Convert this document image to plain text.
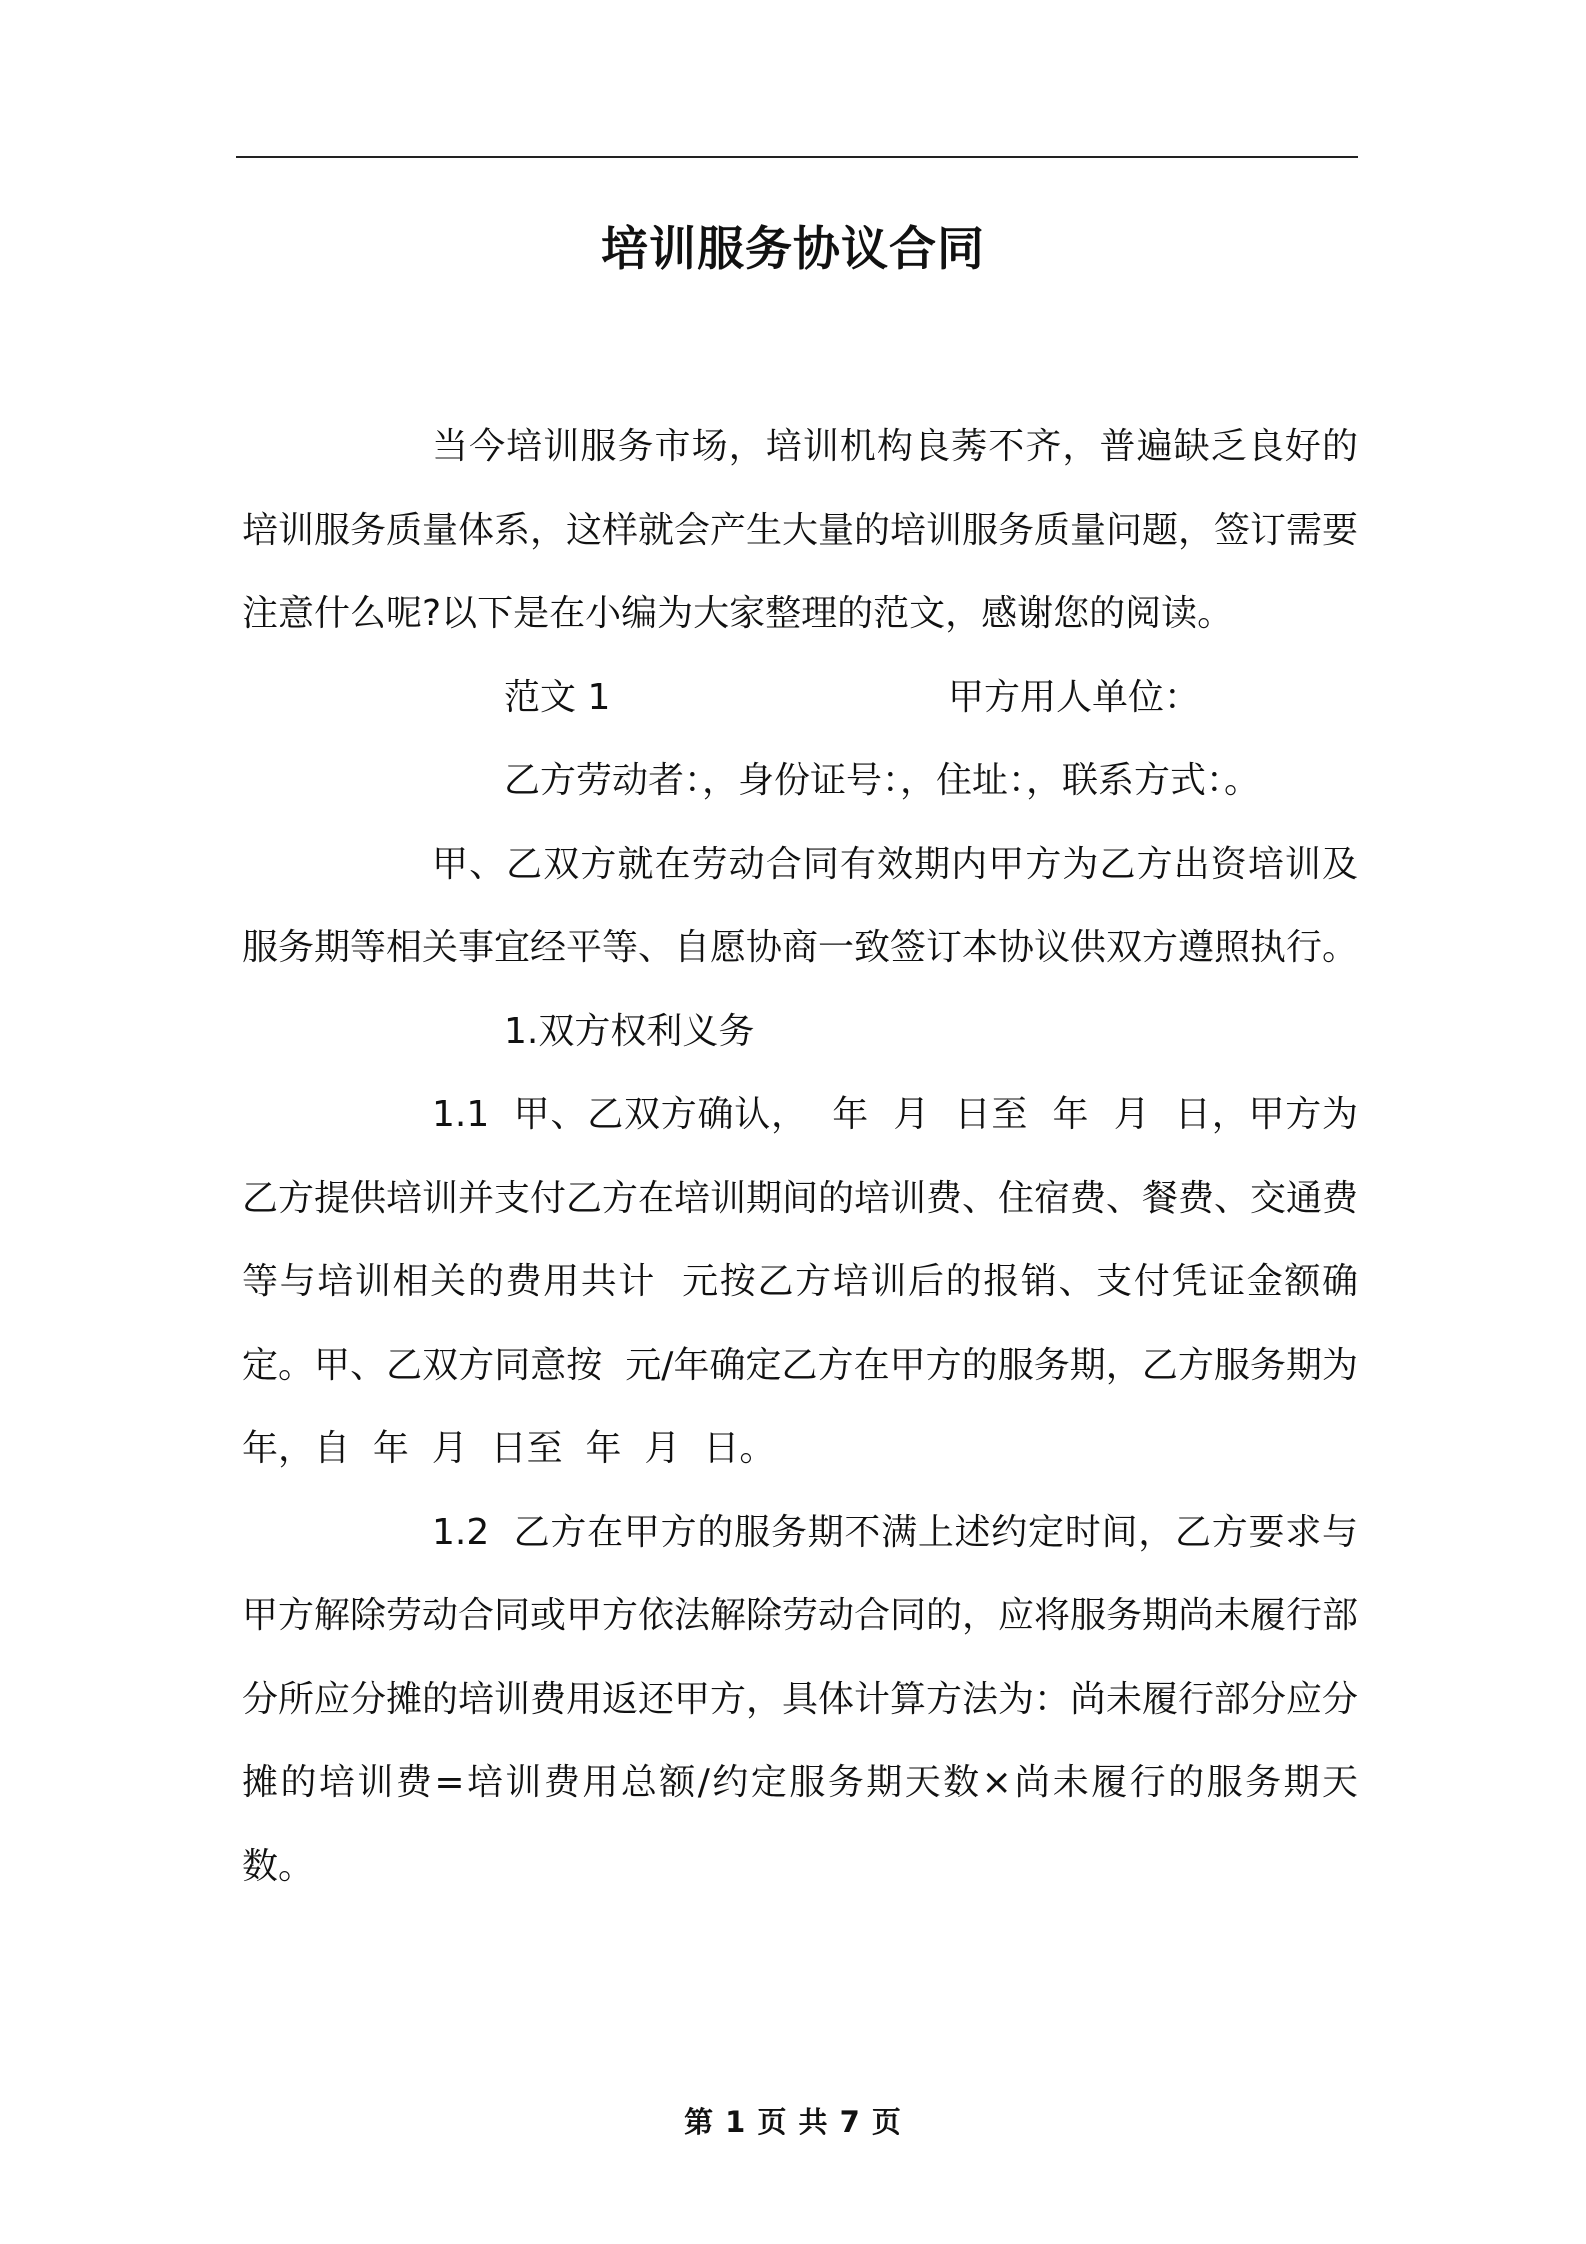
培训服务协议合同

当今培训服务市场，培训机构良莠不齐，普遍缺乏良好的培训服务质量体系，这样就会产生大量的培训服务质量问题，签订需要注意什么呢?以下是在小编为大家整理的范文，感谢您的阅读。

范文 1	甲方用人单位：

乙方劳动者：，身份证号：，住址：，联系方式：。

甲、乙双方就在劳动合同有效期内甲方为乙方出资培训及服务期等相关事宜经平等、自愿协商一致签订本协议供双方遵照执行。

1.双方权利义务

1.1  甲、乙双方确认，  年  月  日至  年  月  日，甲方为乙方提供培训并支付乙方在培训期间的培训费、住宿费、餐费、交通费等与培训相关的费用共计  元按乙方培训后的报销、支付凭证金额确定。甲、乙双方同意按  元/年确定乙方在甲方的服务期，乙方服务期为  年，自  年  月  日至  年  月  日。

1.2  乙方在甲方的服务期不满上述约定时间，乙方要求与甲方解除劳动合同或甲方依法解除劳动合同的，应将服务期尚未履行部分所应分摊的培训费用返还甲方，具体计算方法为：尚未履行部分应分摊的培训费=培训费用总额/约定服务期天数×尚未履行的服务期天数。

第 1 页 共 7 页
